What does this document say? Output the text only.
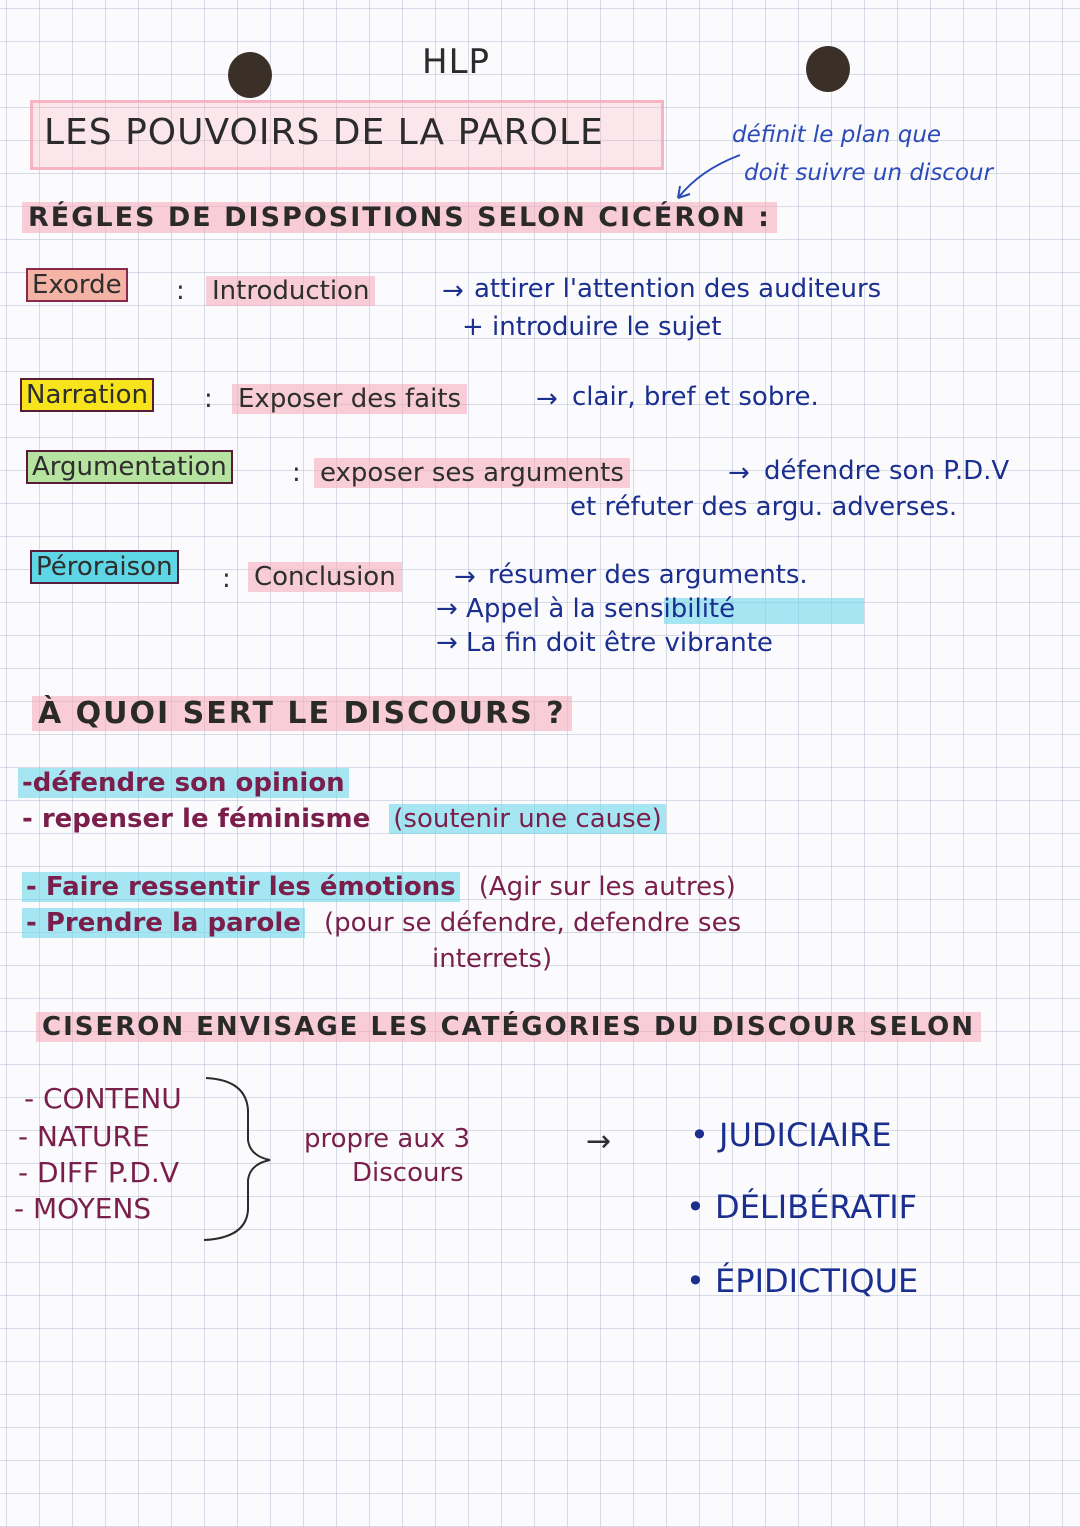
HLP
LES POUVOIRS DE LA PAROLE	définit le plan que
doit suivre un discour
RÉGLES DE DISPOSITIONS SELON CICÉRON :
Exorde : Introduction	→ attirer l'attention des auditeurs
+ introduire le sujet
Narration : Exposer des faits	→ clair, bref et sobre.
Argumentation	: exposer ses arguments	→ défendre son P.D.V
et réfuter des argu. adverses.
Péroraison : Conclusion → résumer des arguments.
→ Appel à la sensibilité
→ La fin doit être vibrante
À QUOI SERT LE DISCOURS ?
-défendre son opinion
- repenser le féminisme (soutenir une cause)
- Faire ressentir les émotions (Agir sur les autres)
- Prendre la parole (pour se défendre, defendre ses
interrets)
CISERON ENVISAGE LES CATÉGORIES DU DISCOUR SELON
- CONTENU
- NATURE
- DIFF P.D.V
- MOYENS
propre aux 3
Discours
→ • JUDICIAIRE
• DÉLIBÉRATIF
• ÉPIDICTIQUE
